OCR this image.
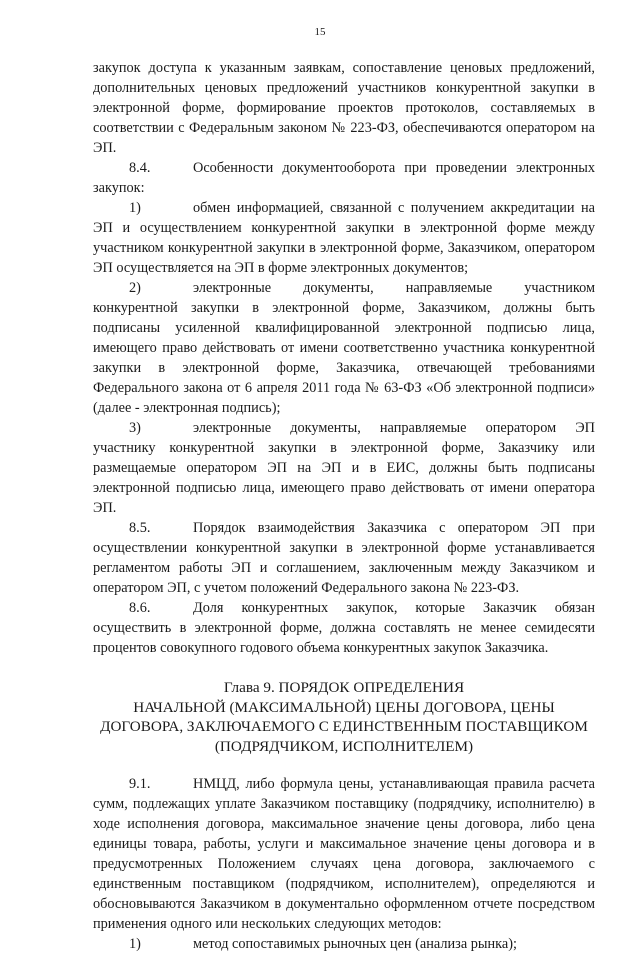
15

закупок доступа к указанным заявкам, сопоставление ценовых предложений, дополнительных ценовых предложений участников конкурентной закупки в электронной форме, формирование проектов протоколов, составляемых в соответствии с Федеральным законом № 223-ФЗ, обеспечиваются оператором на ЭП.

8.4.	Особенности документооборота при проведении электронных закупок:

1)	обмен информацией, связанной с получением аккредитации на ЭП и осуществлением конкурентной закупки в электронной форме между участником конкурентной закупки в электронной форме, Заказчиком, оператором ЭП осуществляется на ЭП в форме электронных документов;

2)	электронные документы, направляемые участником конкурентной закупки в электронной форме, Заказчиком, должны быть подписаны усиленной квалифицированной электронной подписью лица, имеющего право действовать от имени соответственно участника конкурентной закупки в электронной форме, Заказчика, отвечающей требованиями Федерального закона от 6 апреля 2011 года № 63-ФЗ «Об электронной подписи» (далее - электронная подпись);

3)	электронные документы, направляемые оператором ЭП участнику конкурентной закупки в электронной форме, Заказчику или размещаемые оператором ЭП на ЭП и в ЕИС, должны быть подписаны электронной подписью лица, имеющего право действовать от имени оператора ЭП.

8.5.	Порядок взаимодействия Заказчика с оператором ЭП при осуществлении конкурентной закупки в электронной форме устанавливается регламентом работы ЭП и соглашением, заключенным между Заказчиком и оператором ЭП, с учетом положений Федерального закона № 223-ФЗ.

8.6.	Доля конкурентных закупок, которые Заказчик обязан осуществить в электронной форме, должна составлять не менее семидесяти процентов совокупного годового объема конкурентных закупок Заказчика.

Глава 9. ПОРЯДОК ОПРЕДЕЛЕНИЯ

НАЧАЛЬНОЙ (МАКСИМАЛЬНОЙ) ЦЕНЫ ДОГОВОРА, ЦЕНЫ

ДОГОВОРА, ЗАКЛЮЧАЕМОГО С ЕДИНСТВЕННЫМ ПОСТАВЩИКОМ

(ПОДРЯДЧИКОМ, ИСПОЛНИТЕЛЕМ)

9.1.	НМЦД, либо формула цены, устанавливающая правила расчета сумм, подлежащих уплате Заказчиком поставщику (подрядчику, исполнителю) в ходе исполнения договора, максимальное значение цены договора, либо цена единицы товара, работы, услуги и максимальное значение цены договора и в предусмотренных Положением случаях цена договора, заключаемого с единственным поставщиком (подрядчиком, исполнителем), определяются и обосновываются Заказчиком в документально оформленном отчете посредством применения одного или нескольких следующих методов:

1)	метод сопоставимых рыночных цен (анализа рынка);
